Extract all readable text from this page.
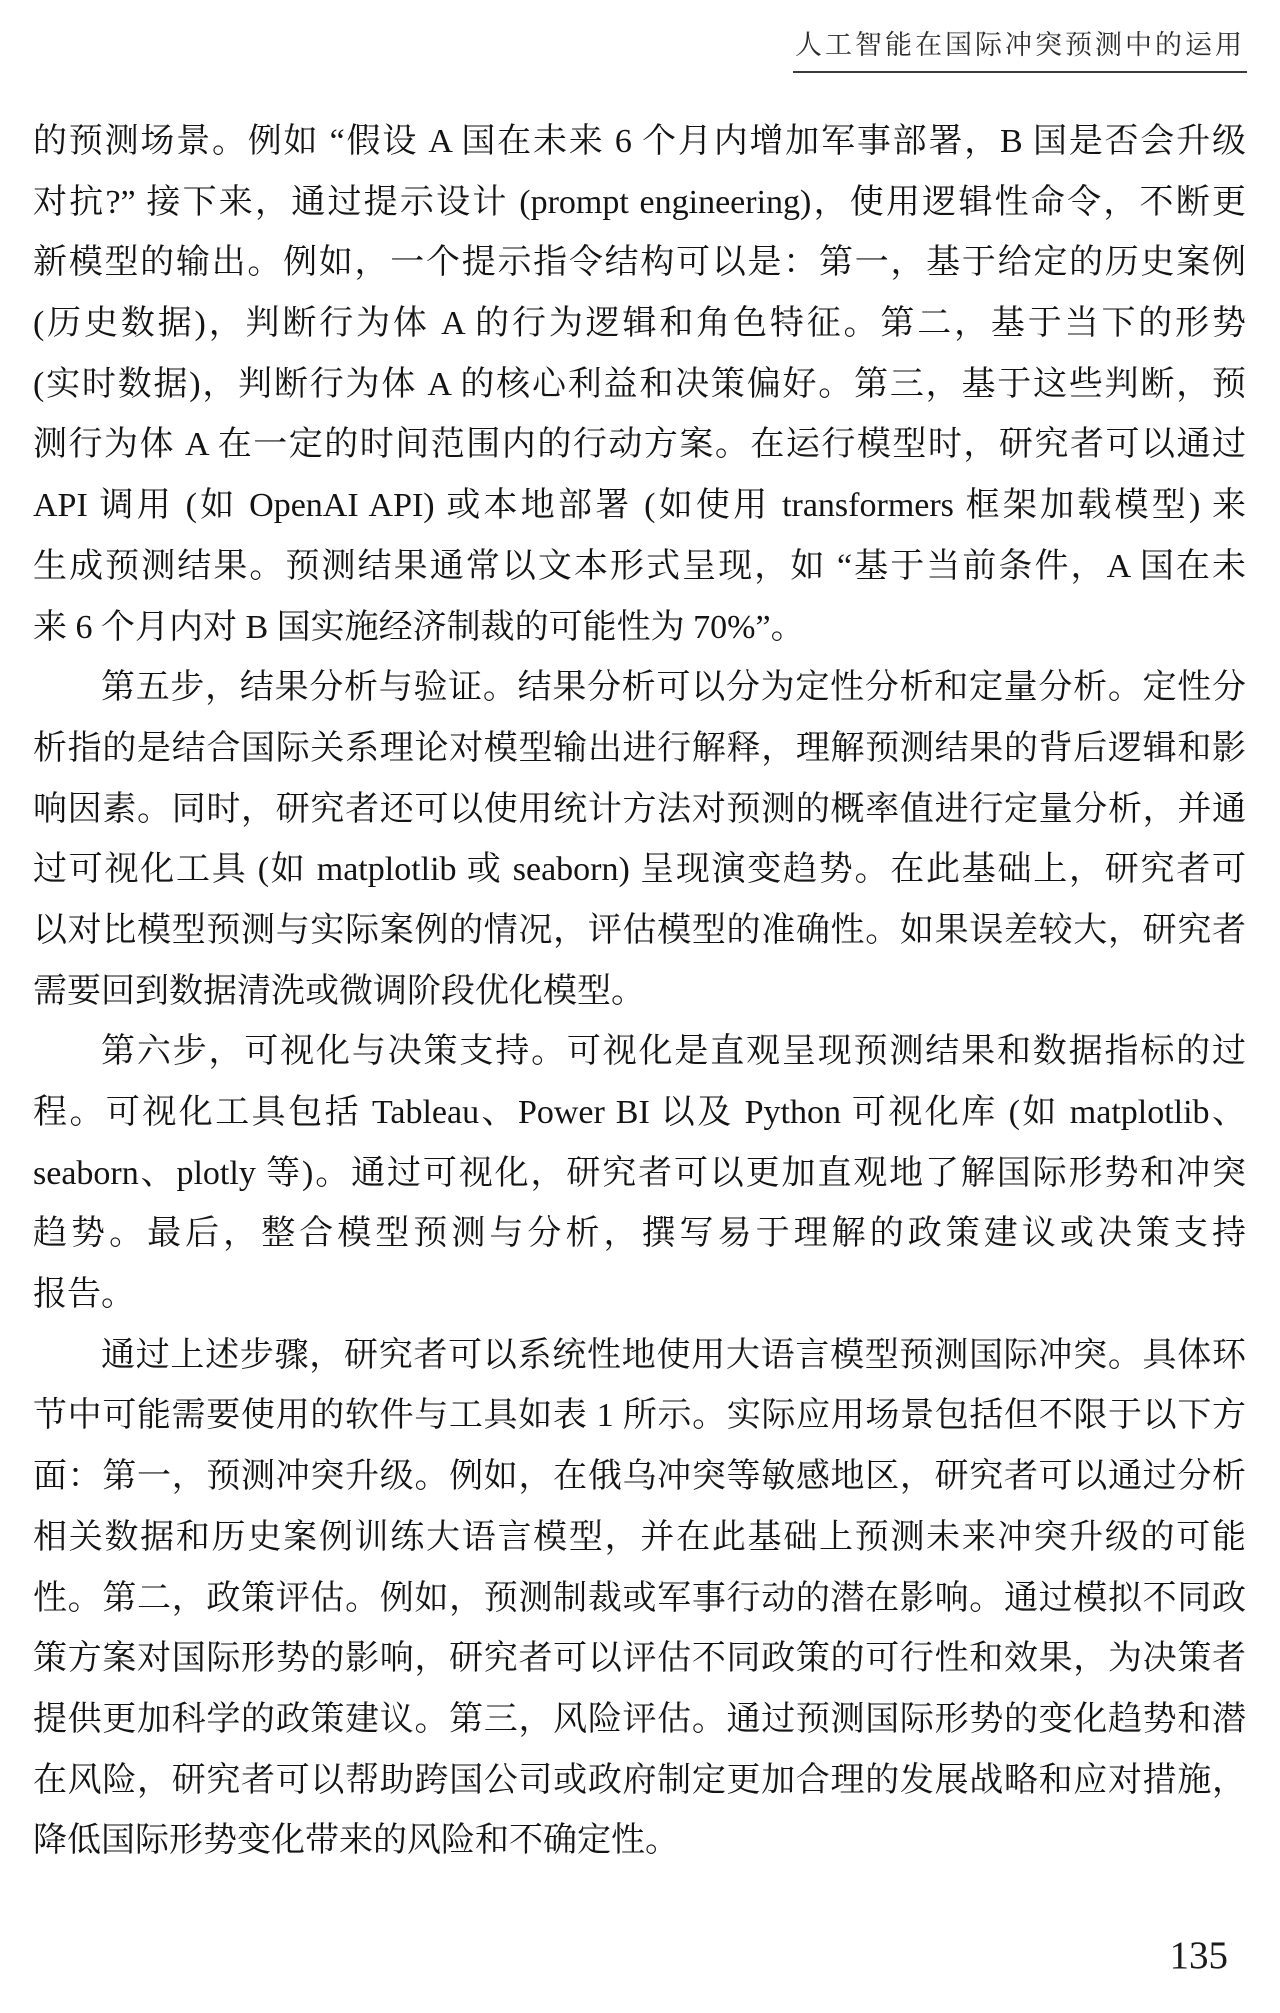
人工智能在国际冲突预测中的运用
的预测场景。例如 “假设 A 国在未来 6 个月内增加军事部署，B 国是否会升级
对抗?” 接下来，通过提示设计 (prompt engineering)，使用逻辑性命令，不断更
新模型的输出。例如，一个提示指令结构可以是：第一，基于给定的历史案例
(历史数据)，判断行为体 A 的行为逻辑和角色特征。第二，基于当下的形势
(实时数据)，判断行为体 A 的核心利益和决策偏好。第三，基于这些判断，预
测行为体 A 在一定的时间范围内的行动方案。在运行模型时，研究者可以通过
API 调用 (如 OpenAI API) 或本地部署 (如使用 transformers 框架加载模型) 来
生成预测结果。预测结果通常以文本形式呈现，如 “基于当前条件，A 国在未
来 6 个月内对 B 国实施经济制裁的可能性为 70%”。
第五步，结果分析与验证。结果分析可以分为定性分析和定量分析。定性分
析指的是结合国际关系理论对模型输出进行解释，理解预测结果的背后逻辑和影
响因素。同时，研究者还可以使用统计方法对预测的概率值进行定量分析，并通
过可视化工具 (如 matplotlib 或 seaborn) 呈现演变趋势。在此基础上，研究者可
以对比模型预测与实际案例的情况，评估模型的准确性。如果误差较大，研究者
需要回到数据清洗或微调阶段优化模型。
第六步，可视化与决策支持。可视化是直观呈现预测结果和数据指标的过
程。可视化工具包括 Tableau、Power BI 以及 Python 可视化库 (如 matplotlib、
seaborn、plotly 等)。通过可视化，研究者可以更加直观地了解国际形势和冲突
趋势。最后，整合模型预测与分析，撰写易于理解的政策建议或决策支持
报告。
通过上述步骤，研究者可以系统性地使用大语言模型预测国际冲突。具体环
节中可能需要使用的软件与工具如表 1 所示。实际应用场景包括但不限于以下方
面：第一，预测冲突升级。例如，在俄乌冲突等敏感地区，研究者可以通过分析
相关数据和历史案例训练大语言模型，并在此基础上预测未来冲突升级的可能
性。第二，政策评估。例如，预测制裁或军事行动的潜在影响。通过模拟不同政
策方案对国际形势的影响，研究者可以评估不同政策的可行性和效果，为决策者
提供更加科学的政策建议。第三，风险评估。通过预测国际形势的变化趋势和潜
在风险，研究者可以帮助跨国公司或政府制定更加合理的发展战略和应对措施，
降低国际形势变化带来的风险和不确定性。
135
